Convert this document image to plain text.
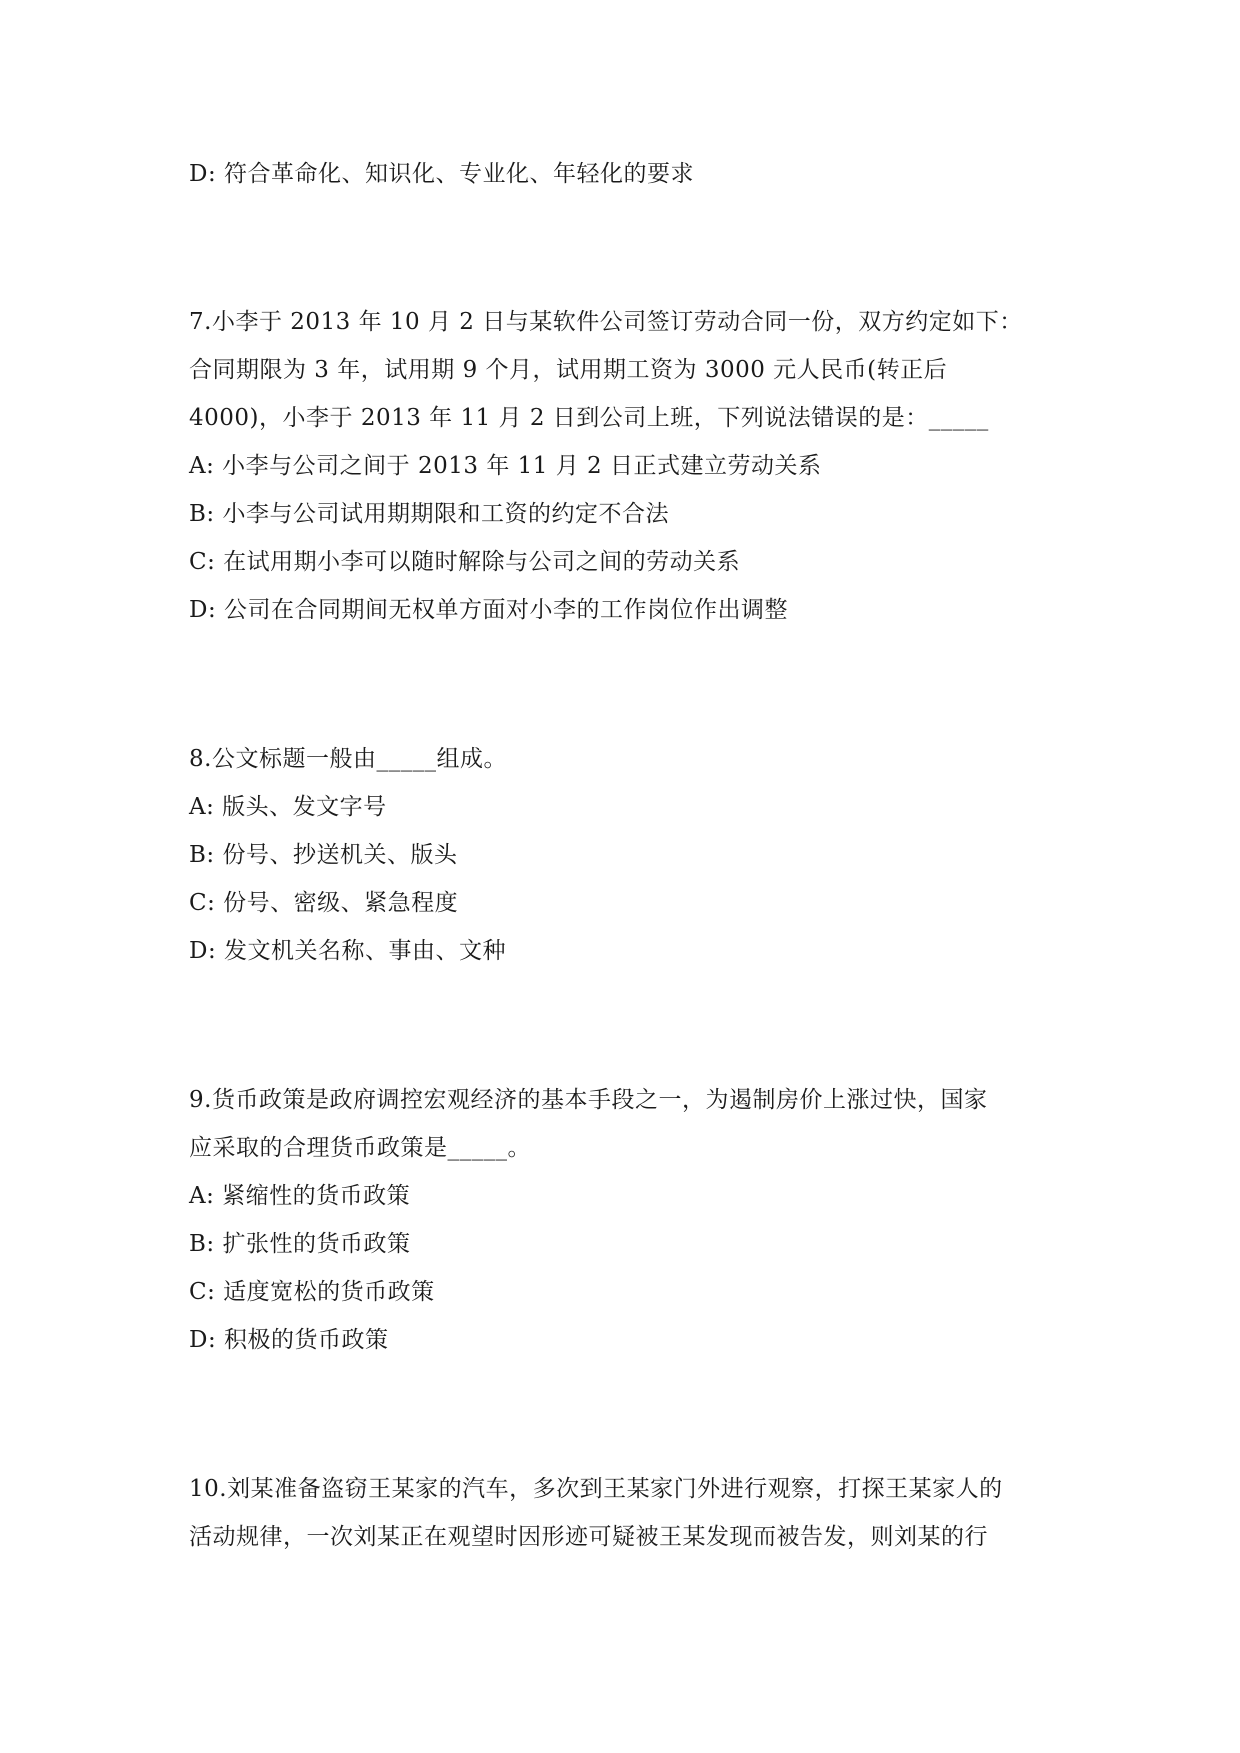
D: 符合革命化、知识化、专业化、年轻化的要求
7.小李于 2013 年 10 月 2 日与某软件公司签订劳动合同一份，双方约定如下：
合同期限为 3 年，试用期 9 个月，试用期工资为 3000 元人民币(转正后
4000)，小李于 2013 年 11 月 2 日到公司上班，下列说法错误的是：_____
A: 小李与公司之间于 2013 年 11 月 2 日正式建立劳动关系
B: 小李与公司试用期期限和工资的约定不合法
C: 在试用期小李可以随时解除与公司之间的劳动关系
D: 公司在合同期间无权单方面对小李的工作岗位作出调整
8.公文标题一般由_____组成。
A: 版头、发文字号
B: 份号、抄送机关、版头
C: 份号、密级、紧急程度
D: 发文机关名称、事由、文种
9.货币政策是政府调控宏观经济的基本手段之一，为遏制房价上涨过快，国家
应采取的合理货币政策是_____。
A: 紧缩性的货币政策
B: 扩张性的货币政策
C: 适度宽松的货币政策
D: 积极的货币政策
10.刘某准备盗窃王某家的汽车，多次到王某家门外进行观察，打探王某家人的
活动规律，一次刘某正在观望时因形迹可疑被王某发现而被告发，则刘某的行
